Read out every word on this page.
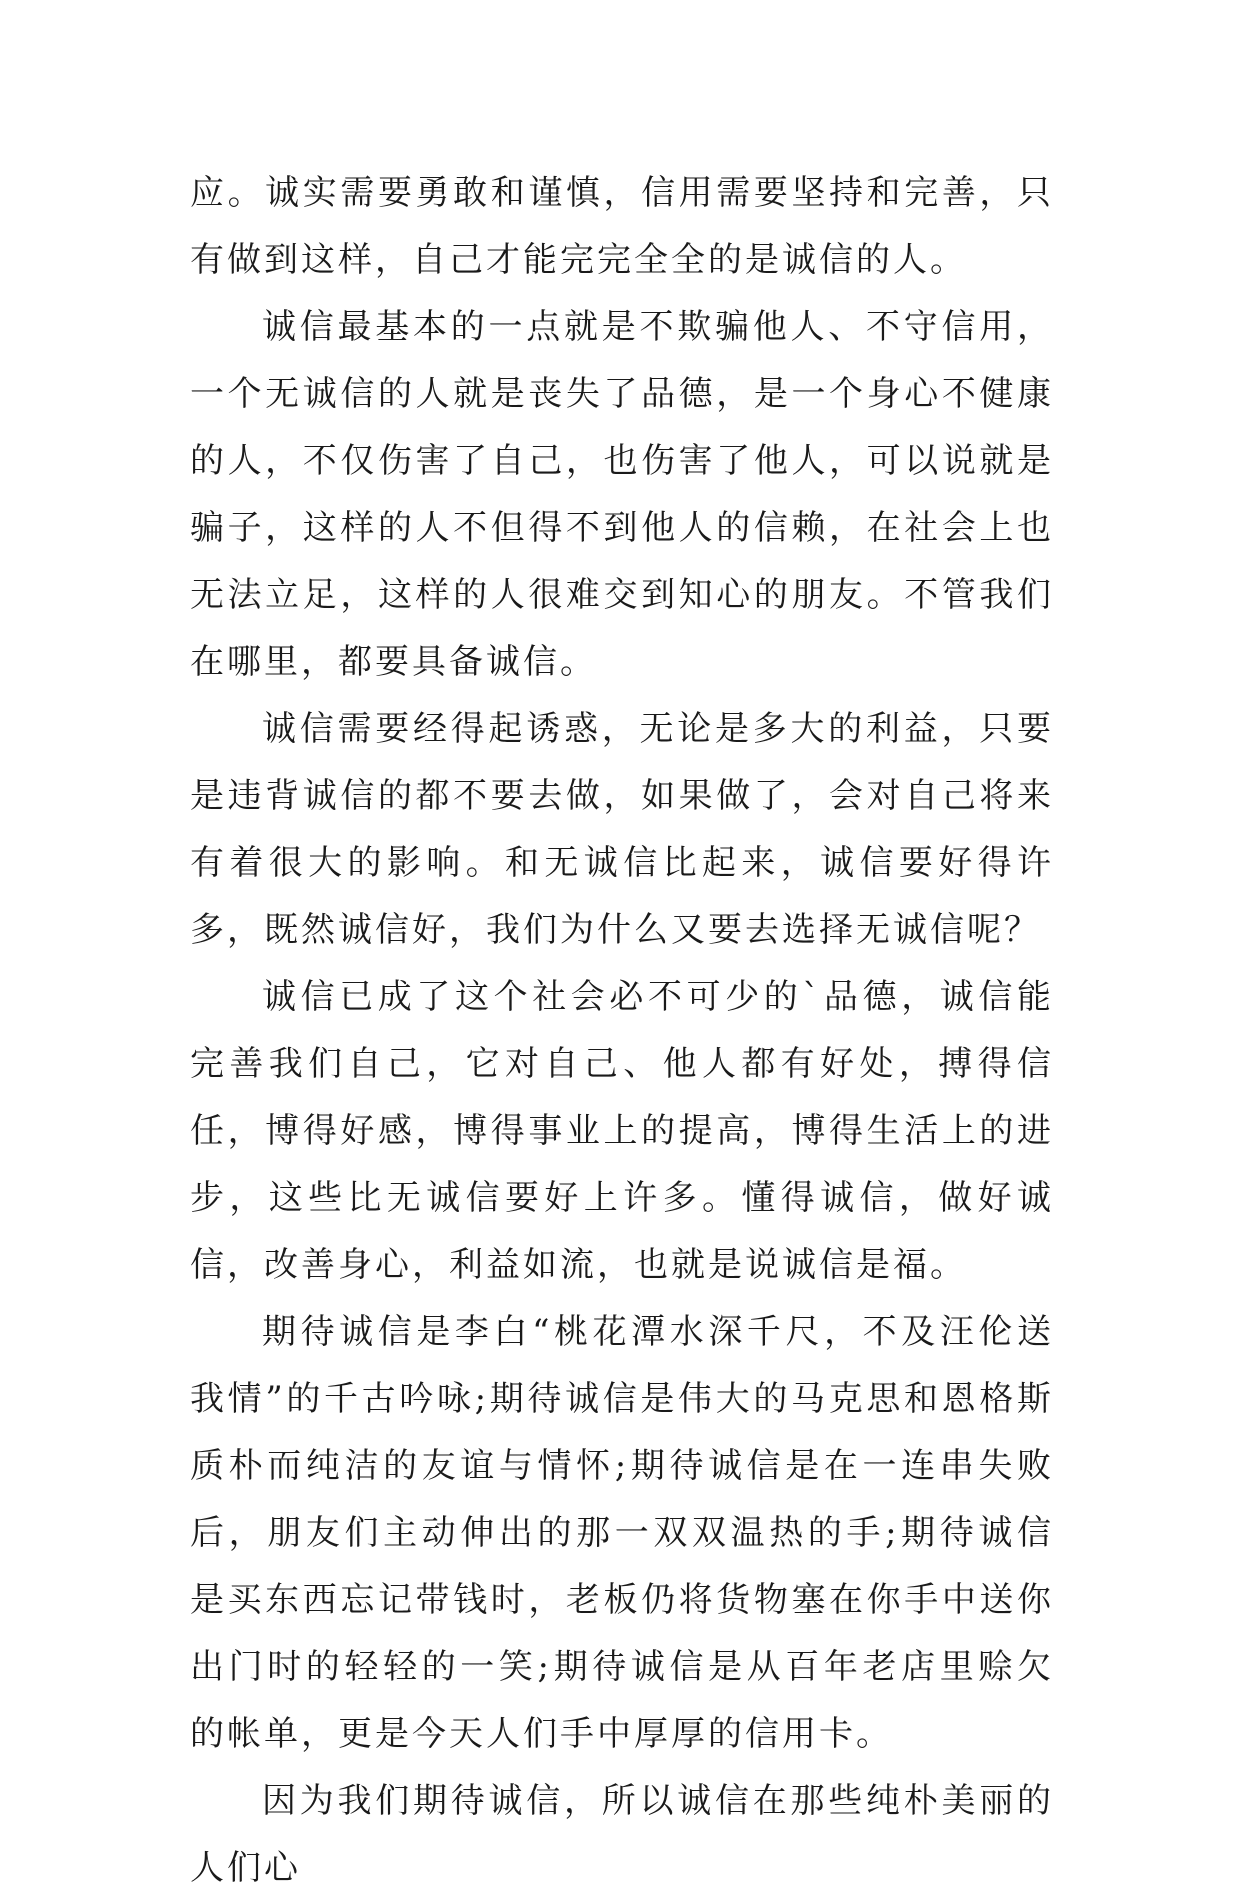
应。诚实需要勇敢和谨慎，信用需要坚持和完善，只有做到这样，自己才能完完全全的是诚信的人。

诚信最基本的一点就是不欺骗他人、不守信用，一个无诚信的人就是丧失了品德，是一个身心不健康的人，不仅伤害了自己，也伤害了他人，可以说就是骗子，这样的人不但得不到他人的信赖，在社会上也无法立足，这样的人很难交到知心的朋友。不管我们在哪里，都要具备诚信。

诚信需要经得起诱惑，无论是多大的利益，只要是违背诚信的都不要去做，如果做了，会对自己将来有着很大的影响。和无诚信比起来，诚信要好得许多，既然诚信好，我们为什么又要去选择无诚信呢？

诚信已成了这个社会必不可少的`品德，诚信能完善我们自己，它对自己、他人都有好处，搏得信任，博得好感，博得事业上的提高，博得生活上的进步，这些比无诚信要好上许多。懂得诚信，做好诚信，改善身心，利益如流，也就是说诚信是福。

期待诚信是李白“桃花潭水深千尺，不及汪伦送我情”的千古吟咏;期待诚信是伟大的马克思和恩格斯质朴而纯洁的友谊与情怀;期待诚信是在一连串失败后，朋友们主动伸出的那一双双温热的手;期待诚信是买东西忘记带钱时，老板仍将货物塞在你手中送你出门时的轻轻的一笑;期待诚信是从百年老店里赊欠的帐单，更是今天人们手中厚厚的信用卡。

因为我们期待诚信，所以诚信在那些纯朴美丽的人们心
